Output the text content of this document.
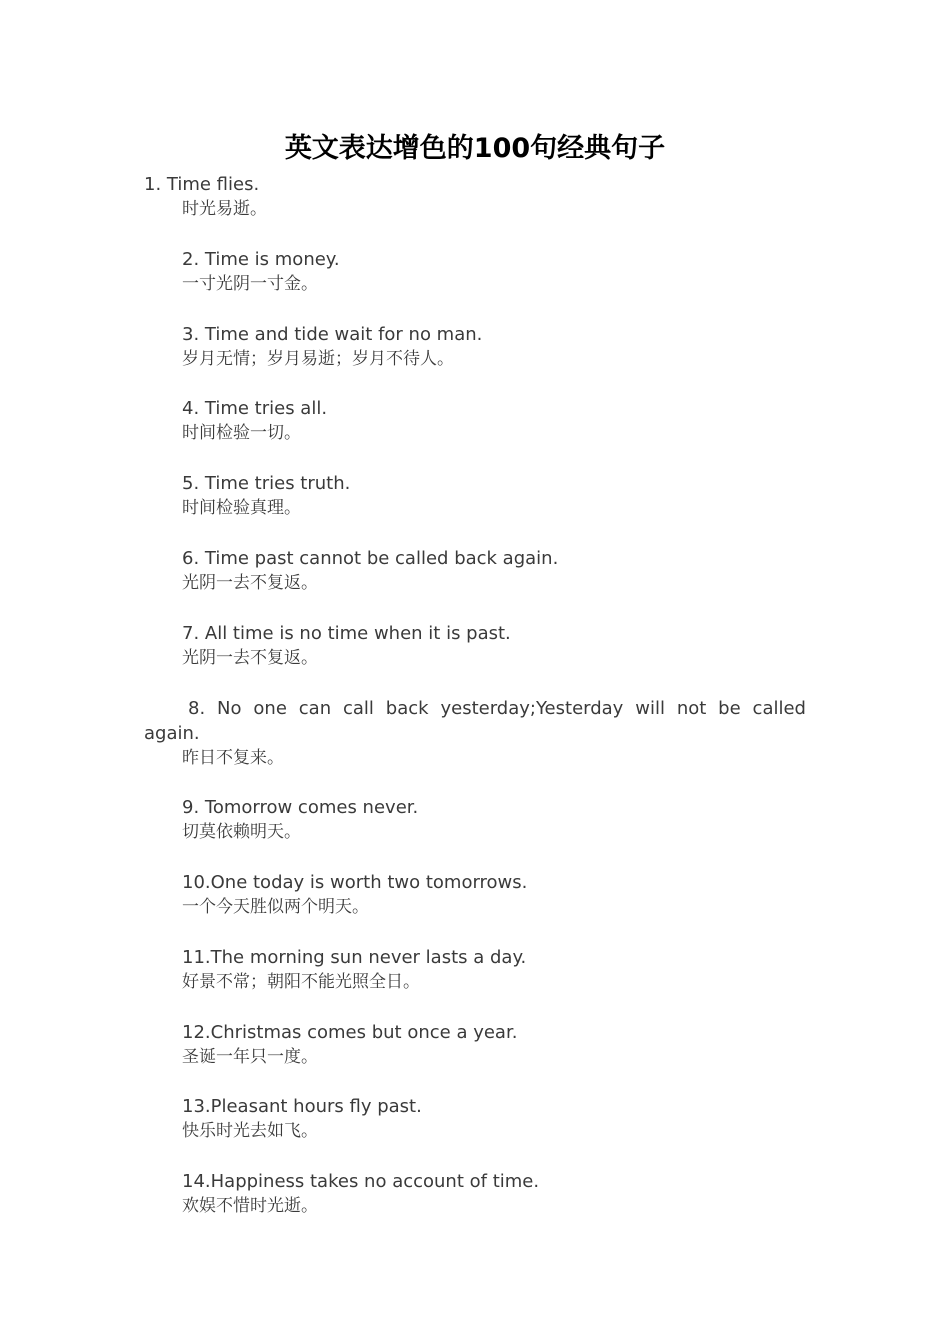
英文表达增色的100句经典句子

1. Time flies.

时光易逝。

2. Time is money.

一寸光阴一寸金。

3. Time and tide wait for no man.

岁月无情；岁月易逝；岁月不待人。

4. Time tries all.

时间检验一切。

5. Time tries truth.

时间检验真理。

6. Time past cannot be called back again.

光阴一去不复返。

7. All time is no time when it is past.

光阴一去不复返。

8. No one can call back yesterday;Yesterday will not be called again.

昨日不复来。

9. Tomorrow comes never.

切莫依赖明天。

10.One today is worth two tomorrows.

一个今天胜似两个明天。

11.The morning sun never lasts a day.

好景不常；朝阳不能光照全日。

12.Christmas comes but once a year.

圣诞一年只一度。

13.Pleasant hours fly past.

快乐时光去如飞。

14.Happiness takes no account of time.

欢娱不惜时光逝。
